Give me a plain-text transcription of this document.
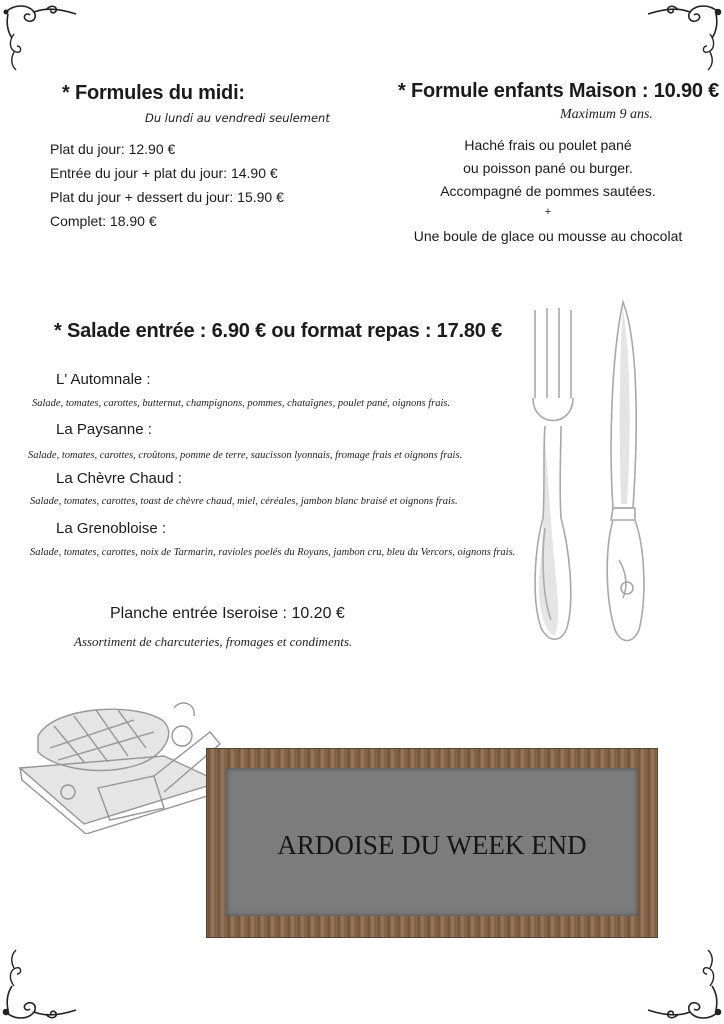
* Formules du midi:
Du lundi au vendredi seulement
Plat du jour: 12.90 €
Entrée du jour + plat du jour: 14.90 €
Plat du jour + dessert du jour: 15.90 €
Complet: 18.90 €
* Formule enfants Maison : 10.90 €
Maximum 9 ans.
Haché frais ou poulet pané
ou poisson pané ou burger.
Accompagné de pommes sautées.
+
Une boule de glace ou mousse au chocolat
* Salade entrée : 6.90 € ou format repas : 17.80 €
L' Automnale :
Salade, tomates, carottes, butternut, champignons, pommes, chataîgnes, poulet pané, oignons frais.
La Paysanne :
Salade, tomates, carottes, croûtons, pomme de terre, saucisson lyonnais, fromage frais et oignons frais.
La Chèvre Chaud :
Salade, tomates, carottes, toast de chèvre chaud, miel, céréales, jambon blanc braisé et oignons frais.
La Grenobloise :
Salade, tomates, carottes, noix de Tarmarin, ravioles poelés du Royans, jambon cru, bleu du Vercors, oignons frais.
Planche entrée Iseroise : 10.20 €
Assortiment de charcuteries, fromages et condiments.
ARDOISE DU WEEK END
